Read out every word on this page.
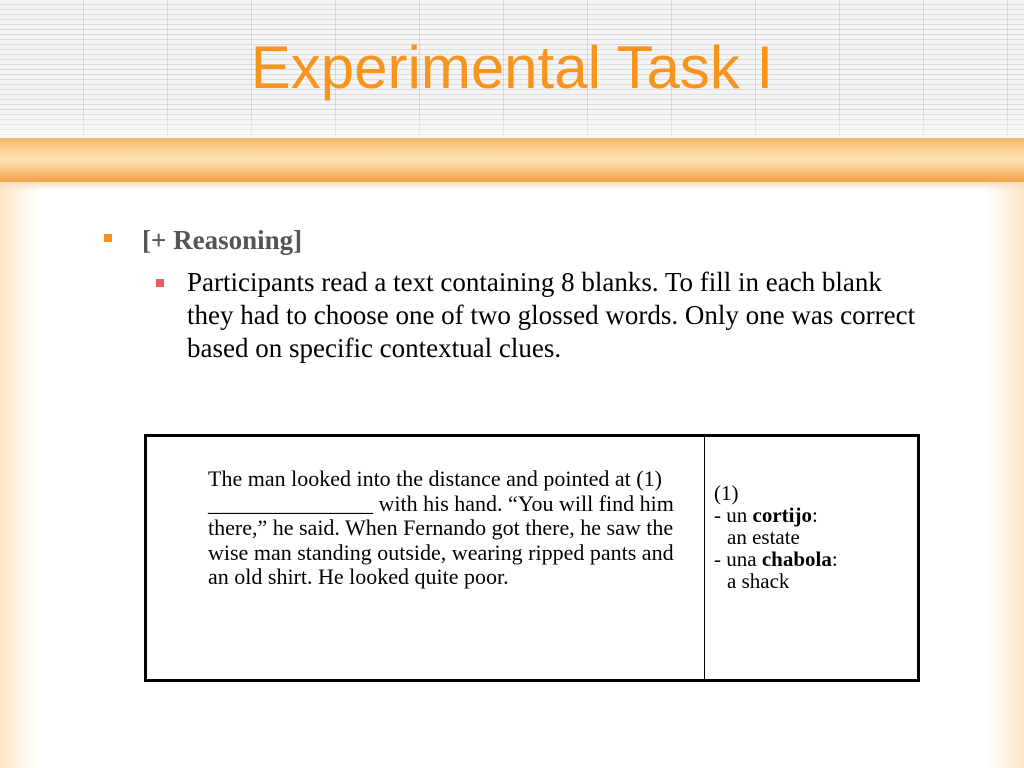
Experimental Task I
[+ Reasoning]
Participants read a text containing 8 blanks. To fill in each blank they had to choose one of two glossed words. Only one was correct based on specific contextual clues.
The man looked into the distance and pointed at (1) _______________ with his hand. “You will find him there,” he said. When Fernando got there, he saw the wise man standing outside, wearing ripped pants and an old shirt. He looked quite poor.
(1)
- un cortijo:
an estate
- una chabola:
a shack
